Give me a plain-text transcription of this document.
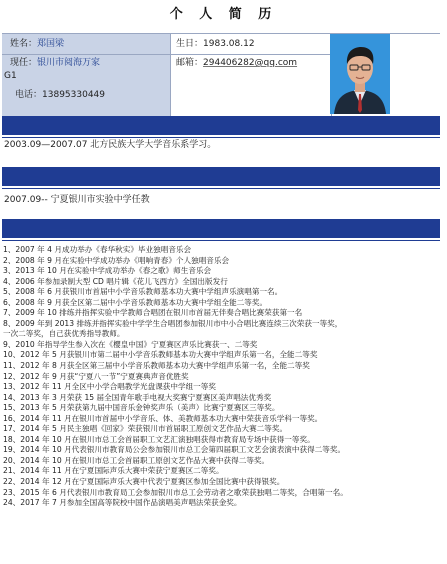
个 人 简 历
姓名：郑国梁	生日：1983.08.12
现任：银川市阅海万家
G1
邮箱：294406282@qq.com
电话：13895330449
2003.09—2007.07 北方民族大学大学音乐系学习。
2007.09-- 宁夏银川市实验中学任教
1、2007 年 4 月成功举办《春华秋实》毕业独唱音乐会
2、2008 年 9 月在实验中学成功举办《唱响青春》个人独唱音乐会
3、2013 年 10 月在实验中学成功举办《春之歌》师生音乐会
4、2006 年参加录制大型 CD 唱片辑《花儿飞西方》全国出版发行
5、2008 年 6 月获银川市首届中小学音乐教师基本功大赛中学组声乐演唱第一名。
6、2008 年 9 月获全区第二届中小学音乐教师基本功大赛中学组全能二等奖。
7、2009 年 10 排练并指挥实验中学教师合唱团在银川市首届无伴奏合唱比赛荣获第一名
8、2009 年到 2013 排练并指挥实验中学学生合唱团参加银川市中小合唱比赛连续三次荣获一等奖，
一次二等奖，自己获优秀指导教师。
9、2010 年指导学生参入次在《樱皇中国》宁夏赛区声乐比赛获一、二等奖
10、2012 年 5 月获银川市第二届中小学音乐教师基本功大赛中学组声乐第一名，全能二等奖
11、2012 年 8 月获全区第三届中小学音乐教师基本功大赛中学组声乐第一名，全能二等奖
12、2012 年 9 月获“宁夏八一节”宁夏赛典声音优胜奖
13、2012 年 11 月全区中小学合唱教学光盘课获中学组一等奖
14、2013 年 3 月荣获 15 届全国青年歌手电视大奖赛宁夏赛区美声唱法优秀奖
15、2013 年 5 月荣获第九届中国音乐金钟奖声乐（美声）比赛宁夏赛区三等奖。
16、2014 年 11 月在银川市首届中小学音乐、体、美教师基本功大赛中荣获音乐学科一等奖。
17、2014 年 5 月民主独唱《回家》荣获银川市首届职工原创文艺作品大赛二等奖。
18、2014 年 10 月在银川市总工会首届职工文艺汇演独唱获得市教育局专场中获得一等奖。
19、2014 年 10 月代表银川市教育局公会参加银川市总工会第四届职工文艺会演表演中获得二等奖。
20、2014 年 10 月在银川市总工会首届职工原创文艺作品大赛中获得二等奖。
21、2014 年 11 月在宁夏国际声乐大赛中荣获宁夏赛区二等奖。
22、2014 年 12 月在宁夏国际声乐大赛中代表宁夏赛区参加全国比赛中获得银奖。
23、2015 年 6 月代表银川市教育局工会参加银川市总工会劳动者之歌荣获独唱二等奖，合唱第一名。
24、2017 年 7 月参加全国高等院校中国作品演唱美声唱法荣获金奖。
